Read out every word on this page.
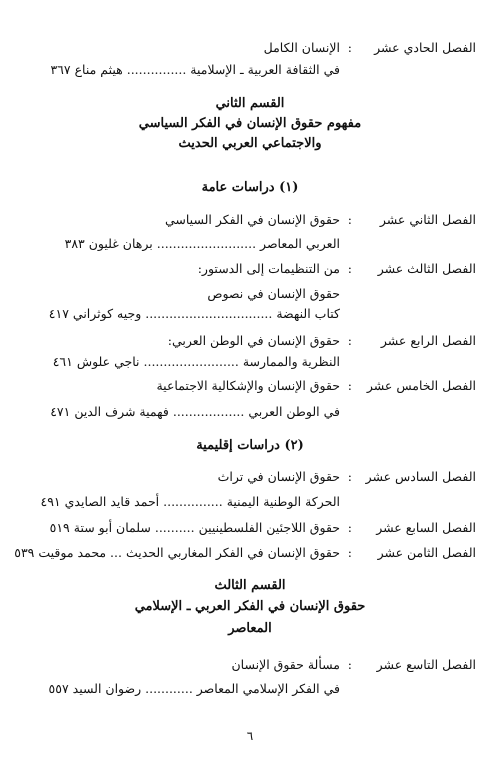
الفصل الحادي عشر
:
الإنسان الكامل
في الثقافة العربية ـ الإسلامية ............... هيثم مناع ٣٦٧
القسم الثاني
مفهوم حقوق الإنسان في الفكر السياسي
والاجتماعي العربي الحديث
(١) دراسات عامة
الفصل الثاني عشر
:
حقوق الإنسان في الفكر السياسي
العربي المعاصر ......................... برهان غليون ٣٨٣
الفصل الثالث عشر
:
من التنظيمات إلى الدستور:
حقوق الإنسان في نصوص
كتاب النهضة ................................ وجيه كوثراني ٤١٧
الفصل الرابع عشر
:
حقوق الإنسان في الوطن العربي:
النظرية والممارسة ........................ ناجي علوش ٤٦١
الفصل الخامس عشر
:
حقوق الإنسان والإشكالية الاجتماعية
في الوطن العربي .................. فهمية شرف الدين ٤٧١
(٢) دراسات إقليمية
الفصل السادس عشر
:
حقوق الإنسان في تراث
الحركة الوطنية اليمنية ............... أحمد قايد الصايدي ٤٩١
الفصل السابع عشر
:
حقوق اللاجئين الفلسطينيين .......... سلمان أبو ستة ٥١٩
الفصل الثامن عشر
:
حقوق الإنسان في الفكر المغاربي الحديث ... محمد موقيت ٥٣٩
القسم الثالث
حقوق الإنسان في الفكر العربي ـ الإسلامي
المعاصر
الفصل التاسع عشر
:
مسألة حقوق الإنسان
في الفكر الإسلامي المعاصر ............ رضوان السيد ٥٥٧
٦
